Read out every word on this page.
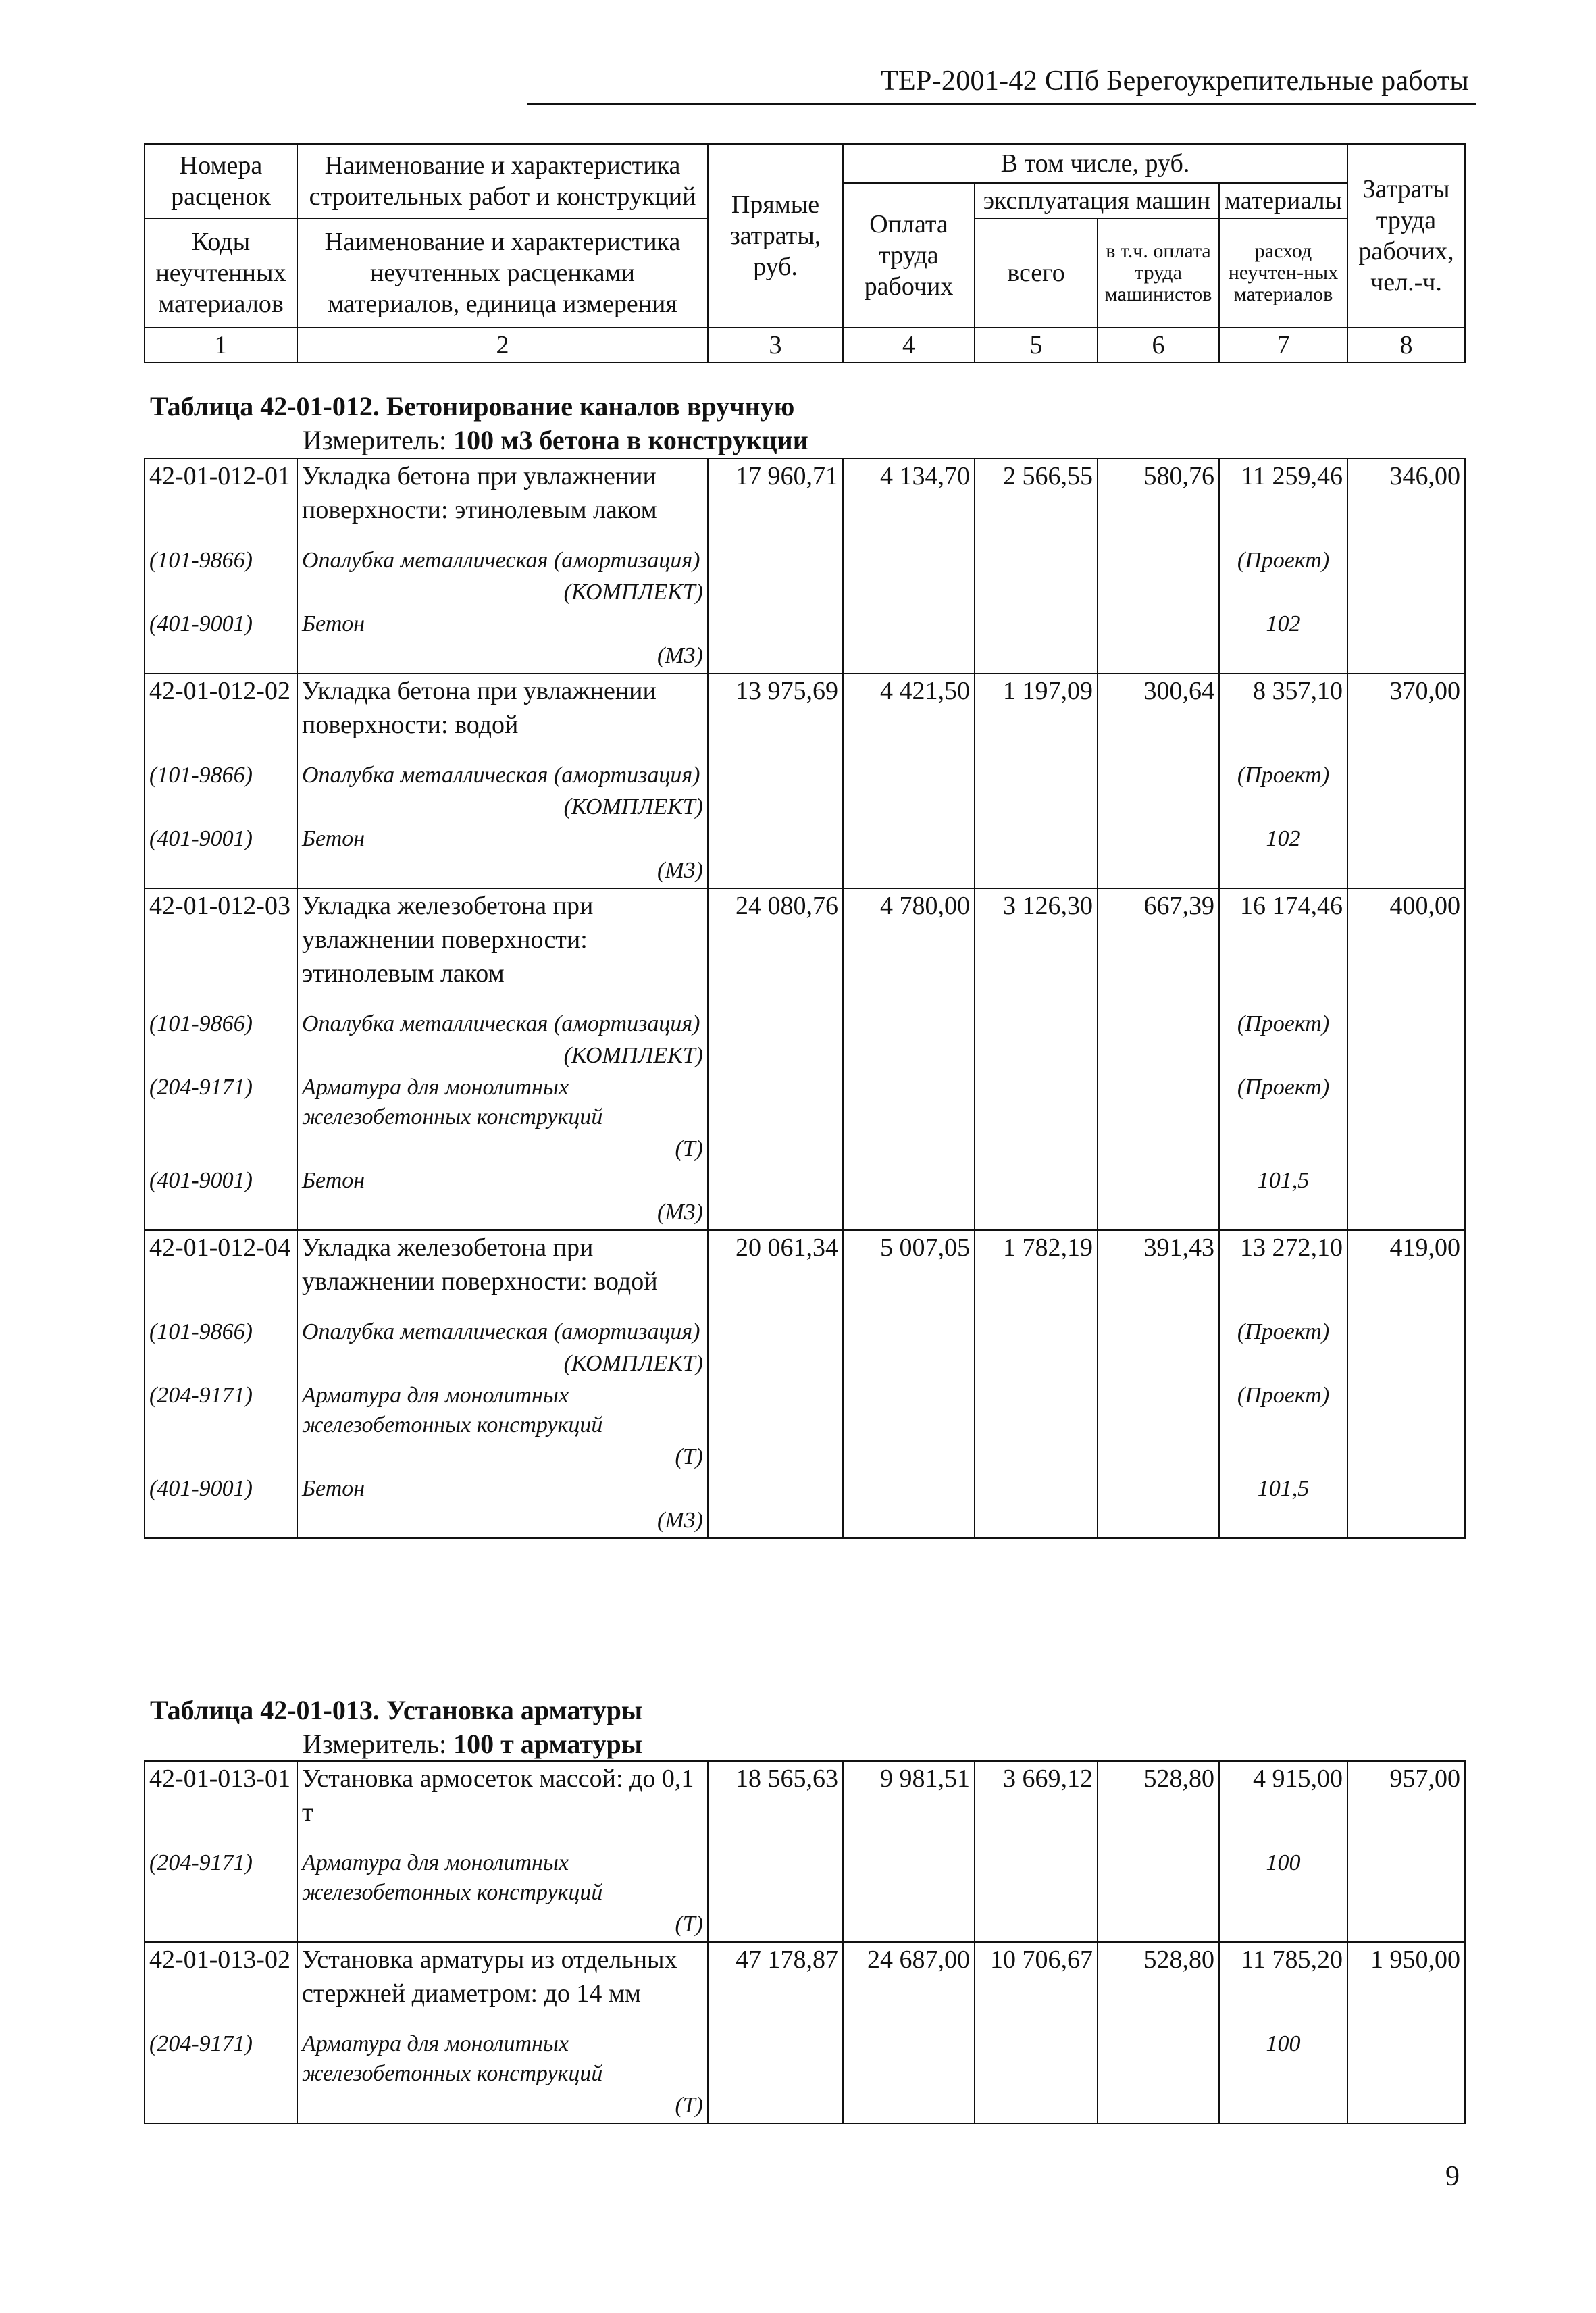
ТЕР-2001-42 СПб Берегоукрепительные работы
Номера расценок	Наименование и характеристика строительных работ и конструкций	Прямые затраты, руб.	В том числе, руб.				Затраты труда рабочих, чел.-ч.
			Оплата труда рабочих	эксплуатация машин		материалы	
Коды неучтенных материалов	Наименование и характеристика неучтенных расценками материалов, единица измерения			всего	в т.ч. оплата труда машинистов	расход неучтен-ных материалов	

1	2	3	4	5	6	7	8
Таблица 42-01-012. Бетонирование каналов вручную
Измеритель: 100 м3 бетона в конструкции
42-01-012-01	Укладка бетона при увлажнении поверхности: этинолевым лаком	17 960,71	4 134,70	2 566,55	580,76	11 259,46	346,00
(101-9866)	Опалубка металлическая (амортизация)					(Проект)	
	(КОМПЛЕКТ)						
(401-9001)	Бетон					102	
	(М3)						
42-01-012-02	Укладка бетона при увлажнении поверхности: водой	13 975,69	4 421,50	1 197,09	300,64	8 357,10	370,00
(101-9866)	Опалубка металлическая (амортизация)					(Проект)	
	(КОМПЛЕКТ)						
(401-9001)	Бетон					102	
	(М3)						
42-01-012-03	Укладка железобетона при увлажнении поверхности: этинолевым лаком	24 080,76	4 780,00	3 126,30	667,39	16 174,46	400,00
(101-9866)	Опалубка металлическая (амортизация)					(Проект)	
	(КОМПЛЕКТ)						
(204-9171)	Арматура для монолитных железобетонных конструкций					(Проект)	
	(Т)						
(401-9001)	Бетон					101,5	
	(М3)						
42-01-012-04	Укладка железобетона при увлажнении поверхности: водой	20 061,34	5 007,05	1 782,19	391,43	13 272,10	419,00
(101-9866)	Опалубка металлическая (амортизация)					(Проект)	
	(КОМПЛЕКТ)						
(204-9171)	Арматура для монолитных железобетонных конструкций					(Проект)	
	(Т)						
(401-9001)	Бетон					101,5	
	(М3)						
Таблица 42-01-013. Установка арматуры
Измеритель: 100 т арматуры
42-01-013-01	Установка армосеток массой: до 0,1 т	18 565,63	9 981,51	3 669,12	528,80	4 915,00	957,00
(204-9171)	Арматура для монолитных железобетонных конструкций					100	
	(Т)						
42-01-013-02	Установка арматуры из отдельных стержней диаметром: до 14 мм	47 178,87	24 687,00	10 706,67	528,80	11 785,20	1 950,00
(204-9171)	Арматура для монолитных железобетонных конструкций					100	
	(Т)						
9
